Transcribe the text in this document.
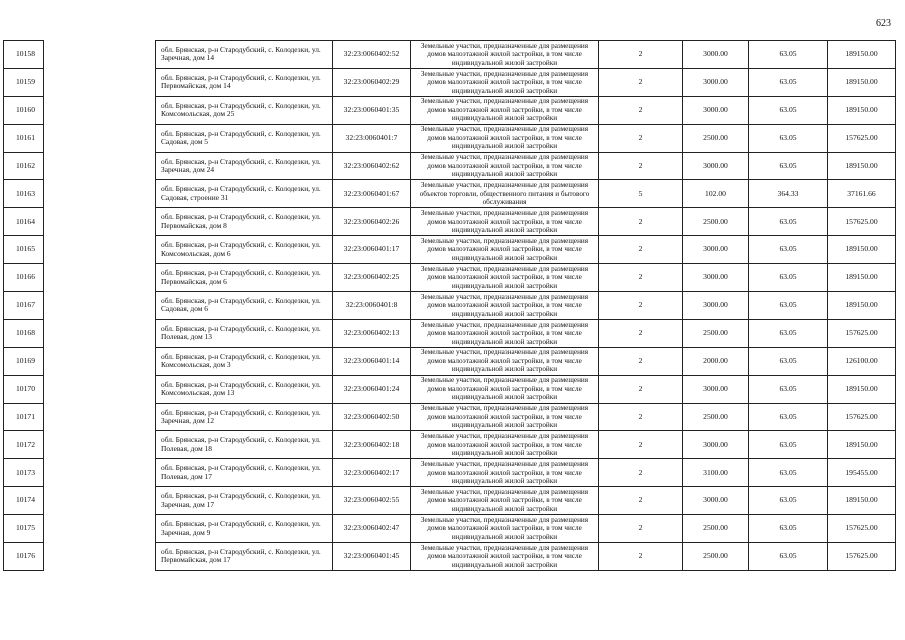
623
10158		обл. Брянская, р-н Стародубский, с. Колодезки, ул. Заречная, дом 14	32:23:0060402:52	Земельные участки, предназначенные для размещения домов малоэтажной жилой застройки, в том числе индивидуальной жилой застройки	2	3000.00	63.05	189150.00
10159		обл. Брянская, р-н Стародубский, с. Колодезки, ул. Первомайская, дом 14	32:23:0060402:29	Земельные участки, предназначенные для размещения домов малоэтажной жилой застройки, в том числе индивидуальной жилой застройки	2	3000.00	63.05	189150.00
10160		обл. Брянская, р-н Стародубский, с. Колодезки, ул. Комсомольская, дом 25	32:23:0060401:35	Земельные участки, предназначенные для размещения домов малоэтажной жилой застройки, в том числе индивидуальной жилой застройки	2	3000.00	63.05	189150.00
10161		обл. Брянская, р-н Стародубский, с. Колодезки, ул. Садовая, дом 5	32:23:0060401:7	Земельные участки, предназначенные для размещения домов малоэтажной жилой застройки, в том числе индивидуальной жилой застройки	2	2500.00	63.05	157625.00
10162		обл. Брянская, р-н Стародубский, с. Колодезки, ул. Заречная, дом 24	32:23:0060402:62	Земельные участки, предназначенные для размещения домов малоэтажной жилой застройки, в том числе индивидуальной жилой застройки	2	3000.00	63.05	189150.00
10163		обл. Брянская, р-н Стародубский, с. Колодезки, ул. Садовая, строение 31	32:23:0060401:67	Земельные участки, предназначенные для размещения объектов торговли, общественного питания и бытового обслуживания	5	102.00	364.33	37161.66
10164		обл. Брянская, р-н Стародубский, с. Колодезки, ул. Первомайская, дом 8	32:23:0060402:26	Земельные участки, предназначенные для размещения домов малоэтажной жилой застройки, в том числе индивидуальной жилой застройки	2	2500.00	63.05	157625.00
10165		обл. Брянская, р-н Стародубский, с. Колодезки, ул. Комсомольская, дом 6	32:23:0060401:17	Земельные участки, предназначенные для размещения домов малоэтажной жилой застройки, в том числе индивидуальной жилой застройки	2	3000.00	63.05	189150.00
10166		обл. Брянская, р-н Стародубский, с. Колодезки, ул. Первомайская, дом 6	32:23:0060402:25	Земельные участки, предназначенные для размещения домов малоэтажной жилой застройки, в том числе индивидуальной жилой застройки	2	3000.00	63.05	189150.00
10167		обл. Брянская, р-н Стародубский, с. Колодезки, ул. Садовая, дом 6	32:23:0060401:8	Земельные участки, предназначенные для размещения домов малоэтажной жилой застройки, в том числе индивидуальной жилой застройки	2	3000.00	63.05	189150.00
10168		обл. Брянская, р-н Стародубский, с. Колодезки, ул. Полевая, дом 13	32:23:0060402:13	Земельные участки, предназначенные для размещения домов малоэтажной жилой застройки, в том числе индивидуальной жилой застройки	2	2500.00	63.05	157625.00
10169		обл. Брянская, р-н Стародубский, с. Колодезки, ул. Комсомольская, дом 3	32:23:0060401:14	Земельные участки, предназначенные для размещения домов малоэтажной жилой застройки, в том числе индивидуальной жилой застройки	2	2000.00	63.05	126100.00
10170		обл. Брянская, р-н Стародубский, с. Колодезки, ул. Комсомольская, дом 13	32:23:0060401:24	Земельные участки, предназначенные для размещения домов малоэтажной жилой застройки, в том числе индивидуальной жилой застройки	2	3000.00	63.05	189150.00
10171		обл. Брянская, р-н Стародубский, с. Колодезки, ул. Заречная, дом 12	32:23:0060402:50	Земельные участки, предназначенные для размещения домов малоэтажной жилой застройки, в том числе индивидуальной жилой застройки	2	2500.00	63.05	157625.00
10172		обл. Брянская, р-н Стародубский, с. Колодезки, ул. Полевая, дом 18	32:23:0060402:18	Земельные участки, предназначенные для размещения домов малоэтажной жилой застройки, в том числе индивидуальной жилой застройки	2	3000.00	63.05	189150.00
10173		обл. Брянская, р-н Стародубский, с. Колодезки, ул. Полевая, дом 17	32:23:0060402:17	Земельные участки, предназначенные для размещения домов малоэтажной жилой застройки, в том числе индивидуальной жилой застройки	2	3100.00	63.05	195455.00
10174		обл. Брянская, р-н Стародубский, с. Колодезки, ул. Заречная, дом 17	32:23:0060402:55	Земельные участки, предназначенные для размещения домов малоэтажной жилой застройки, в том числе индивидуальной жилой застройки	2	3000.00	63.05	189150.00
10175		обл. Брянская, р-н Стародубский, с. Колодезки, ул. Заречная, дом 9	32:23:0060402:47	Земельные участки, предназначенные для размещения домов малоэтажной жилой застройки, в том числе индивидуальной жилой застройки	2	2500.00	63.05	157625.00
10176		обл. Брянская, р-н Стародубский, с. Колодезки, ул. Первомайская, дом 17	32:23:0060401:45	Земельные участки, предназначенные для размещения домов малоэтажной жилой застройки, в том числе индивидуальной жилой застройки	2	2500.00	63.05	157625.00
